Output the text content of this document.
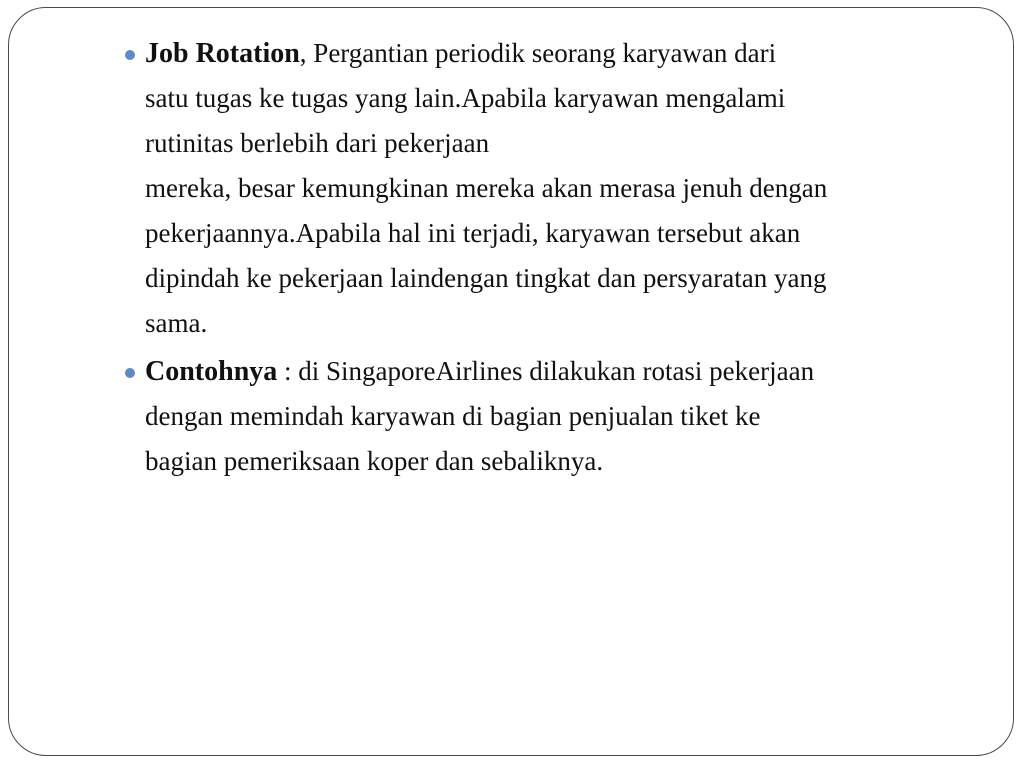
Job Rotation, Pergantian periodik seorang karyawan dari
satu tugas ke tugas yang lain.Apabila karyawan mengalami
rutinitas berlebih dari pekerjaan
mereka, besar kemungkinan mereka akan merasa jenuh dengan
pekerjaannya.Apabila hal ini terjadi, karyawan tersebut akan
dipindah ke pekerjaan laindengan tingkat dan persyaratan yang
sama.
Contohnya : di SingaporeAirlines dilakukan rotasi pekerjaan
dengan memindah karyawan di bagian penjualan tiket ke
bagian pemeriksaan koper dan sebaliknya.
